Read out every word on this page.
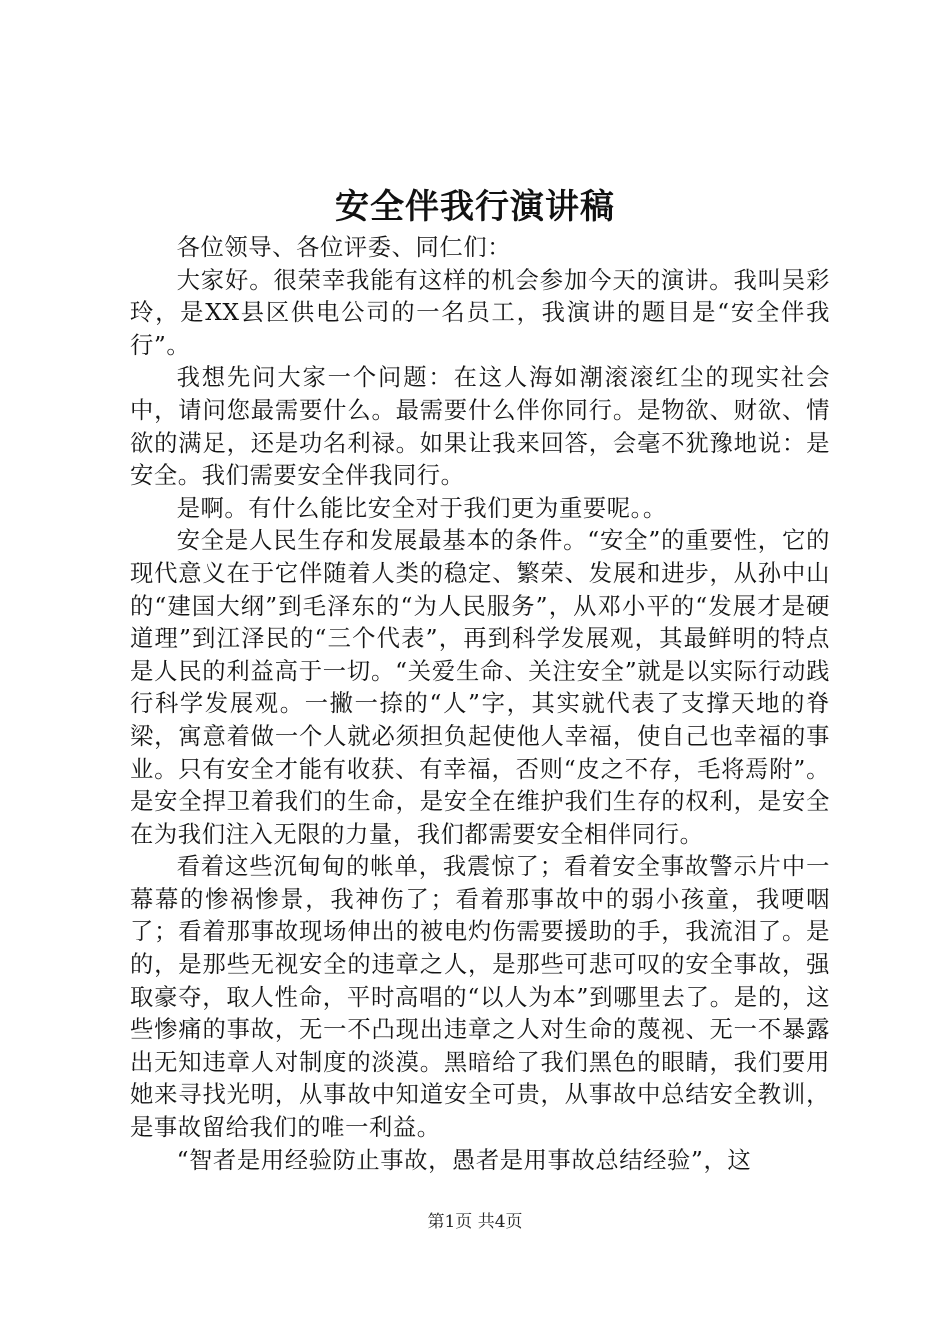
安全伴我行演讲稿

各位领导、各位评委、同仁们：

大家好。很荣幸我能有这样的机会参加今天的演讲。我叫吴彩玲，是XX县区供电公司的一名员工，我演讲的题目是“安全伴我行”。

我想先问大家一个问题：在这人海如潮滚滚红尘的现实社会中，请问您最需要什么。最需要什么伴你同行。是物欲、财欲、情欲的满足，还是功名利禄。如果让我来回答，会毫不犹豫地说：是安全。我们需要安全伴我同行。

是啊。有什么能比安全对于我们更为重要呢。。

安全是人民生存和发展最基本的条件。“安全”的重要性，它的现代意义在于它伴随着人类的稳定、繁荣、发展和进步，从孙中山的“建国大纲”到毛泽东的“为人民服务”，从邓小平的“发展才是硬道理”到江泽民的“三个代表”，再到科学发展观，其最鲜明的特点是人民的利益高于一切。“关爱生命、关注安全”就是以实际行动践行科学发展观。一撇一捺的“人”字，其实就代表了支撑天地的脊梁，寓意着做一个人就必须担负起使他人幸福，使自己也幸福的事业。只有安全才能有收获、有幸福，否则“皮之不存，毛将焉附”。是安全捍卫着我们的生命，是安全在维护我们生存的权利，是安全在为我们注入无限的力量，我们都需要安全相伴同行。

看着这些沉甸甸的帐单，我震惊了；看着安全事故警示片中一幕幕的惨祸惨景，我神伤了；看着那事故中的弱小孩童，我哽咽了；看着那事故现场伸出的被电灼伤需要援助的手，我流泪了。是的，是那些无视安全的违章之人，是那些可悲可叹的安全事故，强取豪夺，取人性命，平时高唱的“以人为本”到哪里去了。是的，这些惨痛的事故，无一不凸现出违章之人对生命的蔑视、无一不暴露出无知违章人对制度的淡漠。黑暗给了我们黑色的眼睛，我们要用她来寻找光明，从事故中知道安全可贵，从事故中总结安全教训，是事故留给我们的唯一利益。

“智者是用经验防止事故，愚者是用事故总结经验”，这

第1页 共4页
